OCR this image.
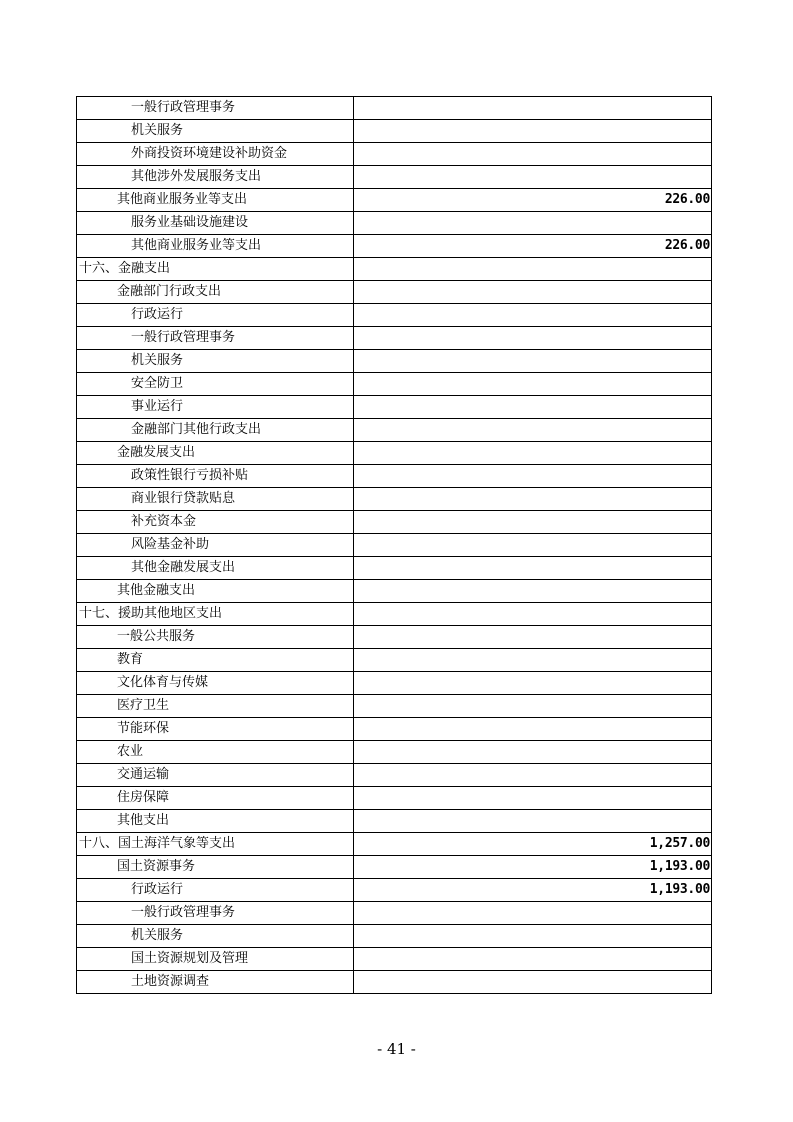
一般行政管理事务	
机关服务	
外商投资环境建设补助资金	
其他涉外发展服务支出	
其他商业服务业等支出	226.00
服务业基础设施建设	
其他商业服务业等支出	226.00
十六、金融支出	
金融部门行政支出	
行政运行	
一般行政管理事务	
机关服务	
安全防卫	
事业运行	
金融部门其他行政支出	
金融发展支出	
政策性银行亏损补贴	
商业银行贷款贴息	
补充资本金	
风险基金补助	
其他金融发展支出	
其他金融支出	
十七、援助其他地区支出	
一般公共服务	
教育	
文化体育与传媒	
医疗卫生	
节能环保	
农业	
交通运输	
住房保障	
其他支出	
十八、国土海洋气象等支出	1,257.00
国土资源事务	1,193.00
行政运行	1,193.00
一般行政管理事务	
机关服务	
国土资源规划及管理	
土地资源调查	
- 41 -
